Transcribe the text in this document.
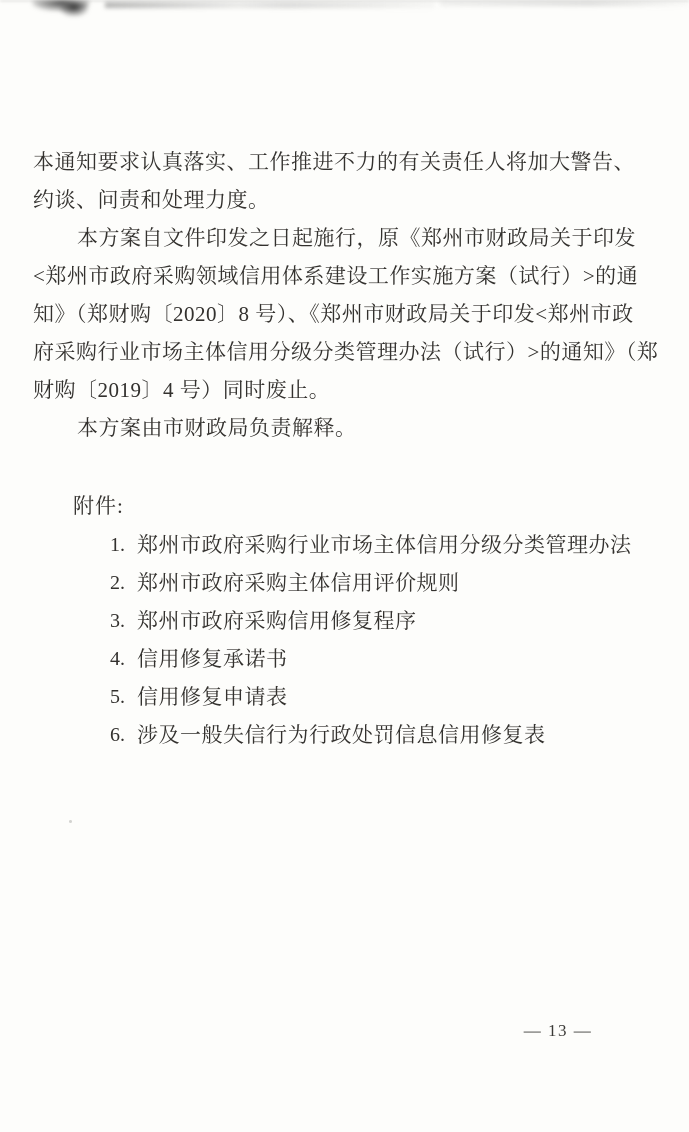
本通知要求认真落实、工作推进不力的有关责任人将加大警告、
约谈、问责和处理力度。
本方案自文件印发之日起施行，原《郑州市财政局关于印发
<郑州市政府采购领域信用体系建设工作实施方案（试行）>的通
知》（郑财购〔2020〕8 号）、《郑州市财政局关于印发<郑州市政
府采购行业市场主体信用分级分类管理办法（试行）>的通知》（郑
财购〔2019〕4 号）同时废止。
本方案由市财政局负责解释。
附件:
1. 郑州市政府采购行业市场主体信用分级分类管理办法
2. 郑州市政府采购主体信用评价规则
3. 郑州市政府采购信用修复程序
4. 信用修复承诺书
5. 信用修复申请表
6. 涉及一般失信行为行政处罚信息信用修复表
— 13 —
